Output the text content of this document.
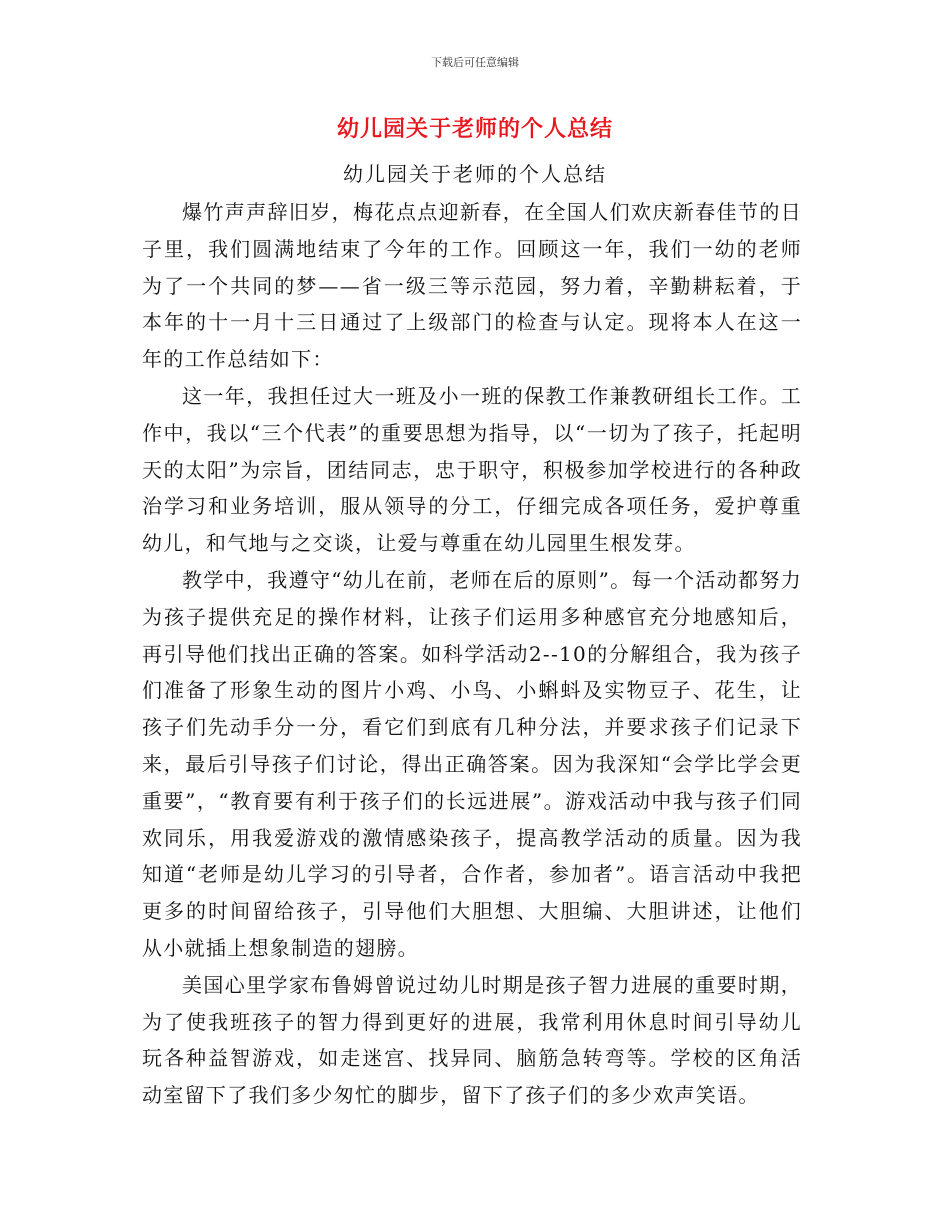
下载后可任意编辑
幼儿园关于老师的个人总结
幼儿园关于老师的个人总结

爆竹声声辞旧岁，梅花点点迎新春，在全国人们欢庆新春佳节的日子里，我们圆满地结束了今年的工作。回顾这一年，我们一幼的老师为了一个共同的梦——省一级三等示范园，努力着，辛勤耕耘着，于本年的十一月十三日通过了上级部门的检查与认定。现将本人在这一年的工作总结如下：

这一年，我担任过大一班及小一班的保教工作兼教研组长工作。工作中，我以“三个代表”的重要思想为指导，以“一切为了孩子，托起明天的太阳”为宗旨，团结同志，忠于职守，积极参加学校进行的各种政治学习和业务培训，服从领导的分工，仔细完成各项任务，爱护尊重幼儿，和气地与之交谈，让爱与尊重在幼儿园里生根发芽。

教学中，我遵守“幼儿在前，老师在后的原则”。每一个活动都努力为孩子提供充足的操作材料，让孩子们运用多种感官充分地感知后，再引导他们找出正确的答案。如科学活动2--10的分解组合，我为孩子们准备了形象生动的图片小鸡、小鸟、小蝌蚪及实物豆子、花生，让孩子们先动手分一分，看它们到底有几种分法，并要求孩子们记录下来，最后引导孩子们讨论，得出正确答案。因为我深知“会学比学会更重要”，“教育要有利于孩子们的长远进展”。游戏活动中我与孩子们同欢同乐，用我爱游戏的激情感染孩子，提高教学活动的质量。因为我知道“老师是幼儿学习的引导者，合作者，参加者”。语言活动中我把更多的时间留给孩子，引导他们大胆想、大胆编、大胆讲述，让他们从小就插上想象制造的翅膀。

美国心里学家布鲁姆曾说过幼儿时期是孩子智力进展的重要时期，为了使我班孩子的智力得到更好的进展，我常利用休息时间引导幼儿玩各种益智游戏，如走迷宫、找异同、脑筋急转弯等。学校的区角活动室留下了我们多少匆忙的脚步，留下了孩子们的多少欢声笑语。
